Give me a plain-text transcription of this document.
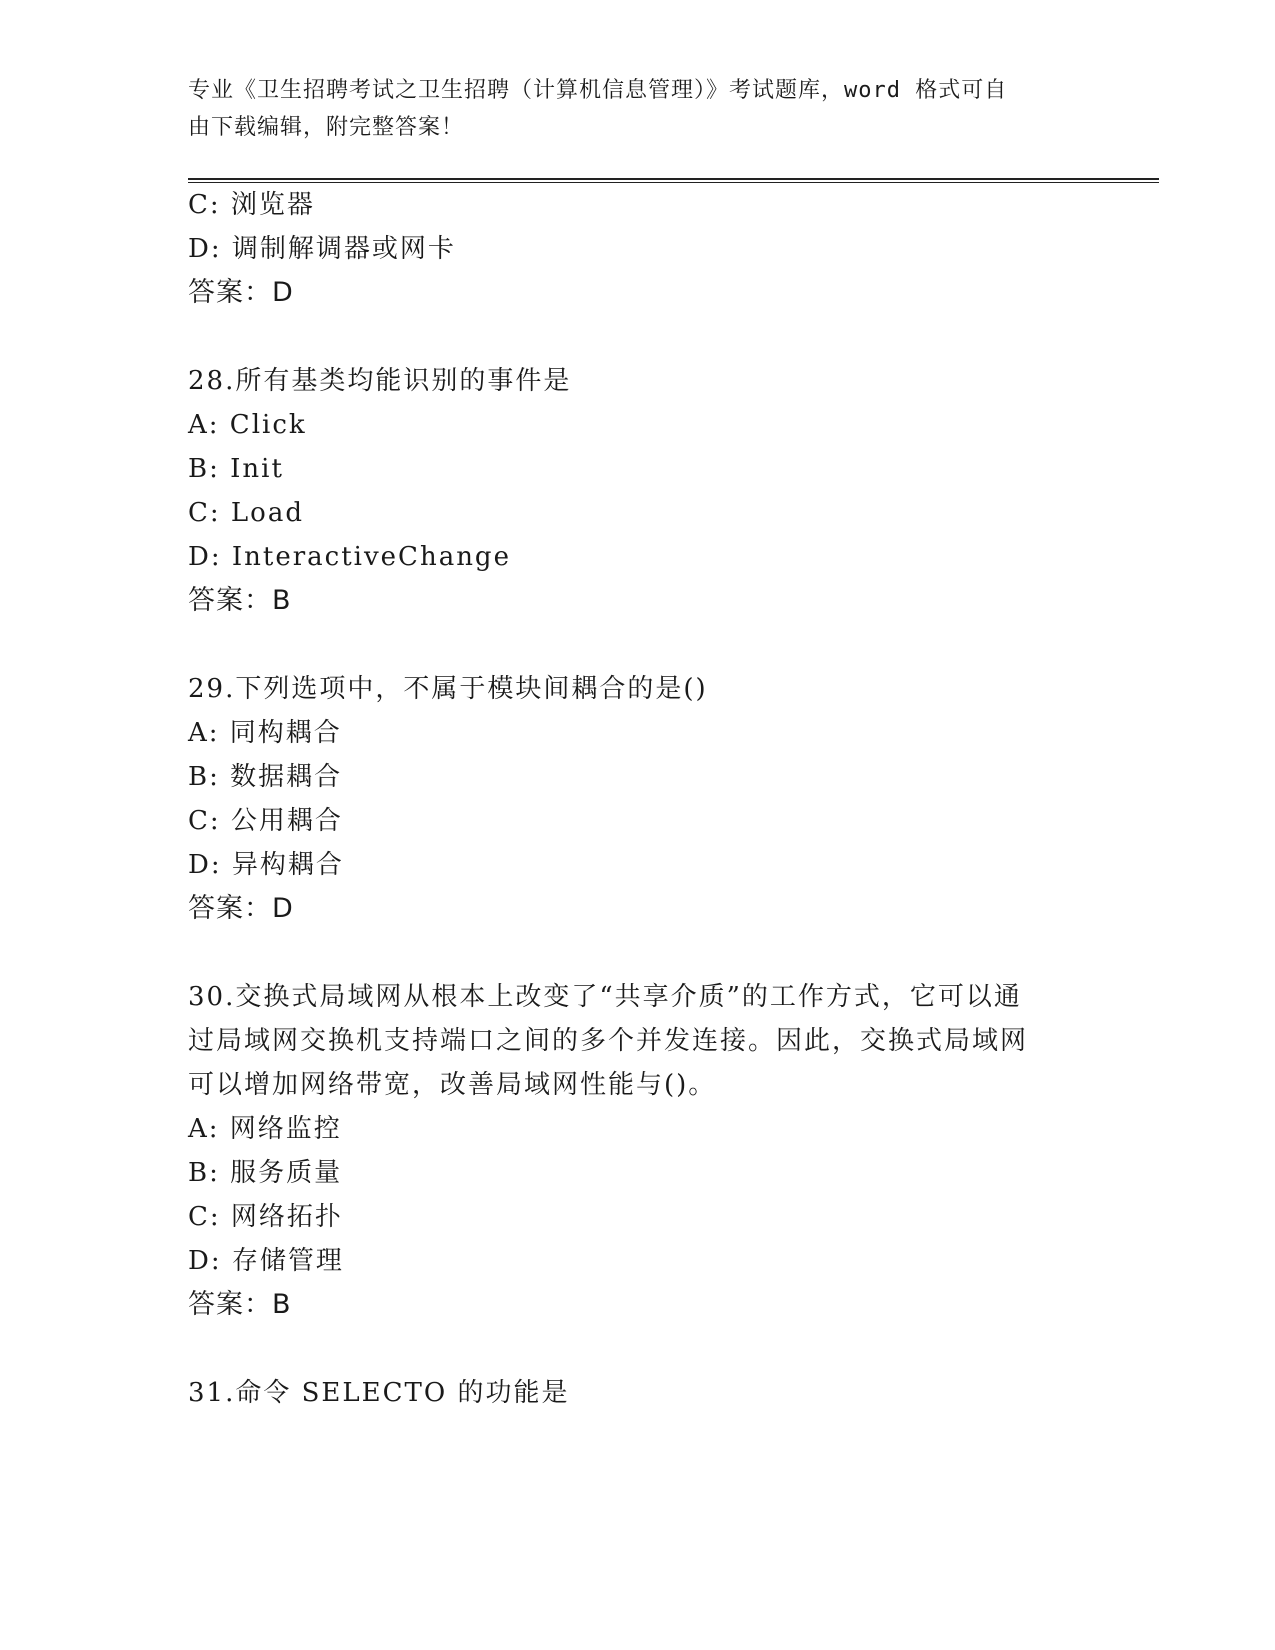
专业《卫生招聘考试之卫生招聘（计算机信息管理）》考试题库，word 格式可自
由下载编辑，附完整答案！
C: 浏览器
D: 调制解调器或网卡
答案：D
28.所有基类均能识别的事件是
A: Click
B: Init
C: Load
D: InteractiveChange
答案：B
29.下列选项中，不属于模块间耦合的是()
A: 同构耦合
B: 数据耦合
C: 公用耦合
D: 异构耦合
答案：D
30.交换式局域网从根本上改变了“共享介质”的工作方式，它可以通
过局域网交换机支持端口之间的多个并发连接。因此，交换式局域网
可以增加网络带宽，改善局域网性能与()。
A: 网络监控
B: 服务质量
C: 网络拓扑
D: 存储管理
答案：B
31.命令 SELECTO 的功能是
